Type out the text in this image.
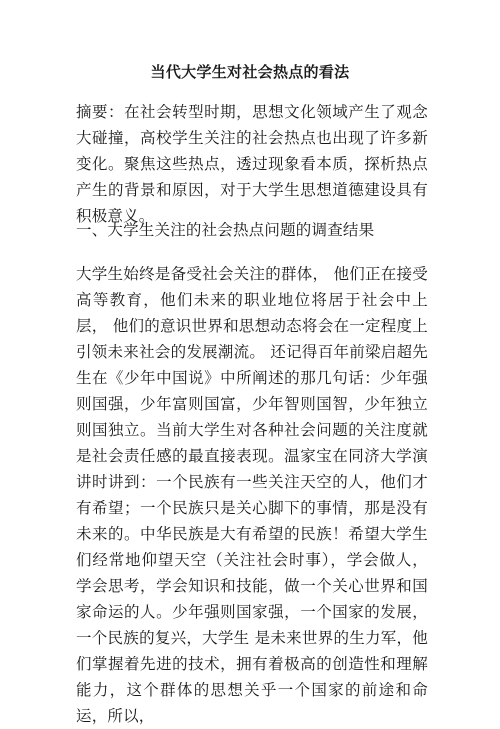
当代大学生对社会热点的看法
摘要：在社会转型时期，思想文化领域产生了观念大碰撞，高校学生关注的社会热点也出现了许多新变化。聚焦这些热点，透过现象看本质，探析热点产生的背景和原因，对于大学生思想道德建设具有积极意义。
一、大学生关注的社会热点问题的调查结果
大学生始终是备受社会关注的群体， 他们正在接受高等教育，他们未来的职业地位将居于社会中上层， 他们的意识世界和思想动态将会在一定程度上引领未来社会的发展潮流。 还记得百年前梁启超先生在《少年中国说》中所阐述的那几句话：少年强则国强，少年富则国富，少年智则国智，少年独立则国独立。当前大学生对各种社会问题的关注度就是社会责任感的最直接表现。温家宝在同济大学演讲时讲到：一个民族有一些关注天空的人，他们才有希望；一个民族只是关心脚下的事情，那是没有未来的。中华民族是大有希望的民族！希望大学生们经常地仰望天空（关注社会时事），学会做人，学会思考，学会知识和技能，做一个关心世界和国家命运的人。少年强则国家强，一个国家的发展，一个民族的复兴，大学生 是未来世界的生力军，他们掌握着先进的技术，拥有着极高的创造性和理解能力，这个群体的思想关乎一个国家的前途和命运，所以，
